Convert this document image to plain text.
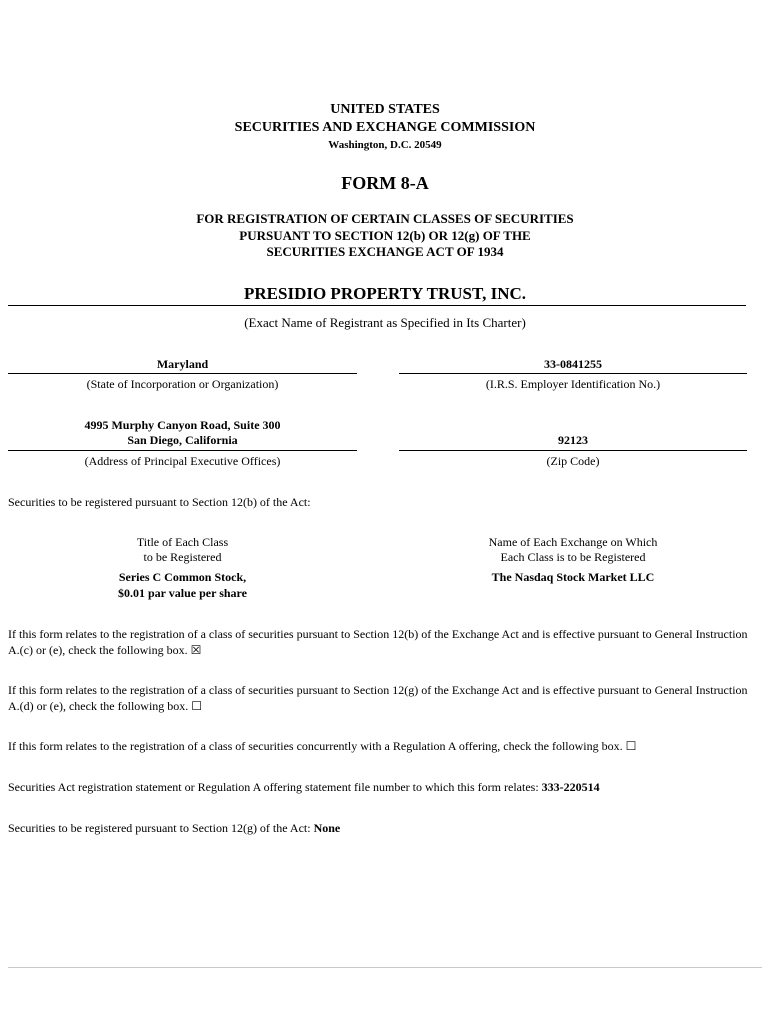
UNITED STATES
SECURITIES AND EXCHANGE COMMISSION
Washington, D.C. 20549
FORM 8-A
FOR REGISTRATION OF CERTAIN CLASSES OF SECURITIES
PURSUANT TO SECTION 12(b) OR 12(g) OF THE
SECURITIES EXCHANGE ACT OF 1934
PRESIDIO PROPERTY TRUST, INC.
(Exact Name of Registrant as Specified in Its Charter)
Maryland
(State of Incorporation or Organization)
33-0841255
(I.R.S. Employer Identification No.)
4995 Murphy Canyon Road, Suite 300
San Diego, California
(Address of Principal Executive Offices)
92123
(Zip Code)
Securities to be registered pursuant to Section 12(b) of the Act:
Title of Each Class
to be Registered
Series C Common Stock,
$0.01 par value per share
Name of Each Exchange on Which
Each Class is to be Registered
The Nasdaq Stock Market LLC
If this form relates to the registration of a class of securities pursuant to Section 12(b) of the Exchange Act and is effective pursuant to General Instruction A.(c) or (e), check the following box. ☒
If this form relates to the registration of a class of securities pursuant to Section 12(g) of the Exchange Act and is effective pursuant to General Instruction A.(d) or (e), check the following box. ☐
If this form relates to the registration of a class of securities concurrently with a Regulation A offering, check the following box. ☐
Securities Act registration statement or Regulation A offering statement file number to which this form relates: 333-220514
Securities to be registered pursuant to Section 12(g) of the Act: None
